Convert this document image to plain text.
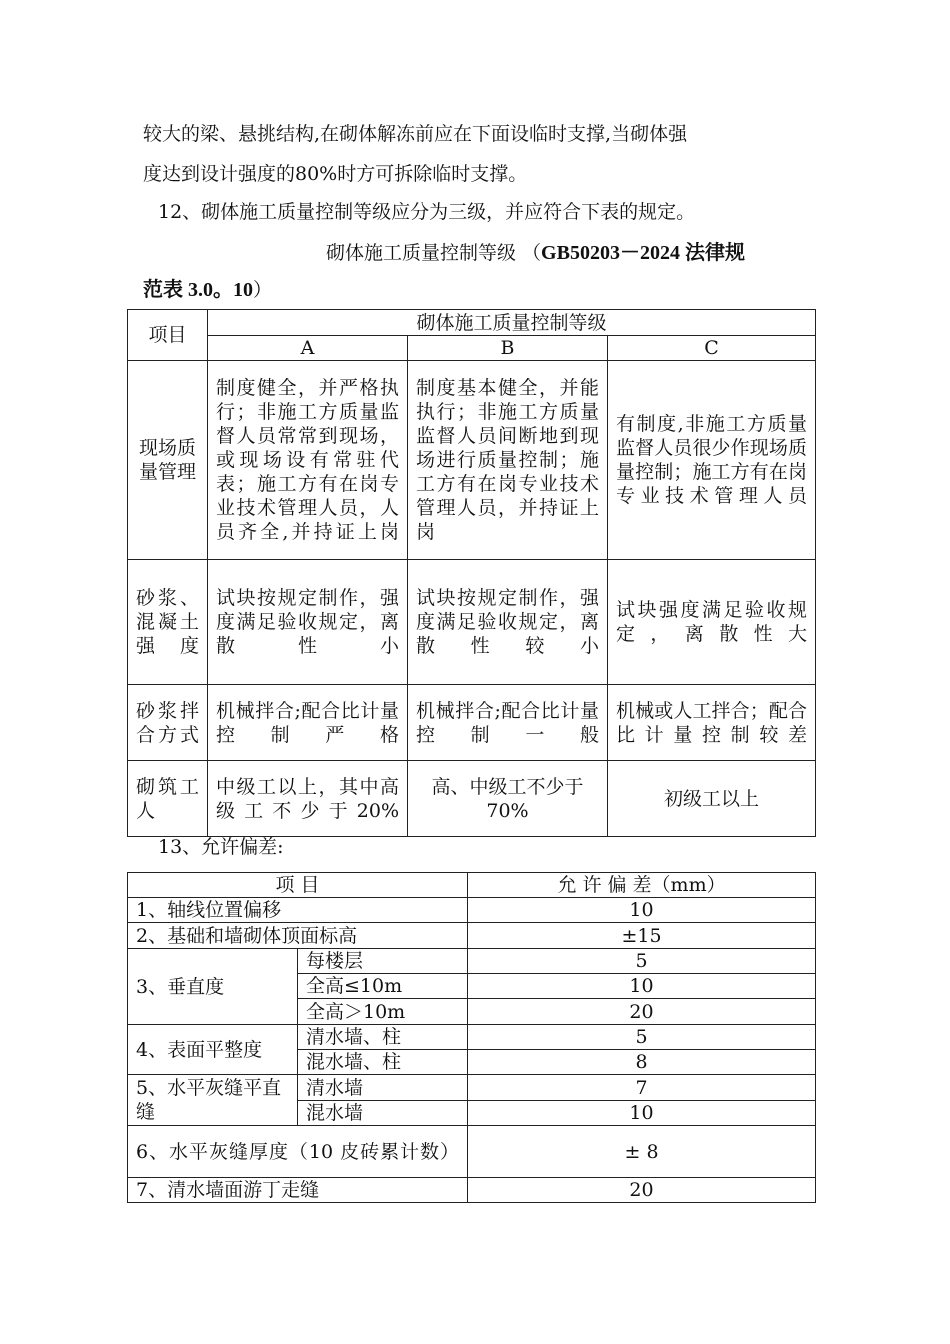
较大的梁、悬挑结构,在砌体解冻前应在下面设临时支撑,当砌体强
度达到设计强度的80%时方可拆除临时支撑。
12、砌体施工质量控制等级应分为三级，并应符合下表的规定。
砌体施工质量控制等级 （GB50203－2024 法律规
范表 3.0。10）
项目	砌体施工质量控制等级		
	A	B	C
现场质量管理	制度健全，并严格执行；非施工方质量监督人员常常到现场，或现场设有常驻代表；施工方有在岗专业技术管理人员，人员齐全,并持证上岗	制度基本健全，并能执行；非施工方质量监督人员间断地到现场进行质量控制；施工方有在岗专业技术管理人员，并持证上岗	有制度,非施工方质量监督人员很少作现场质量控制；施工方有在岗专业技术管理人员
砂浆、混凝土强度	试块按规定制作，强度满足验收规定，离散性小	试块按规定制作，强度满足验收规定，离散性较小	试块强度满足验收规定，离散性大
砂浆拌合方式	机械拌合;配合比计量控制严格	机械拌合;配合比计量控制一般	机械或人工拌合；配合比计量控制较差
砌筑工人	中级工以上，其中高级工不少于20%	高、中级工不少于70%	初级工以上
13、允许偏差:
项 目		允 许 偏 差（mm）
1、轴线位置偏移		10
2、基础和墙砌体顶面标高		±15
3、垂直度	每楼层	5
	全高≤10m	10
	全高＞10m	20
4、表面平整度	清水墙、柱	5
	混水墙、柱	8
5、水平灰缝平直缝	清水墙	7
	混水墙	10
6、水平灰缝厚度（10 皮砖累计数）		± 8
7、清水墙面游丁走缝		20
